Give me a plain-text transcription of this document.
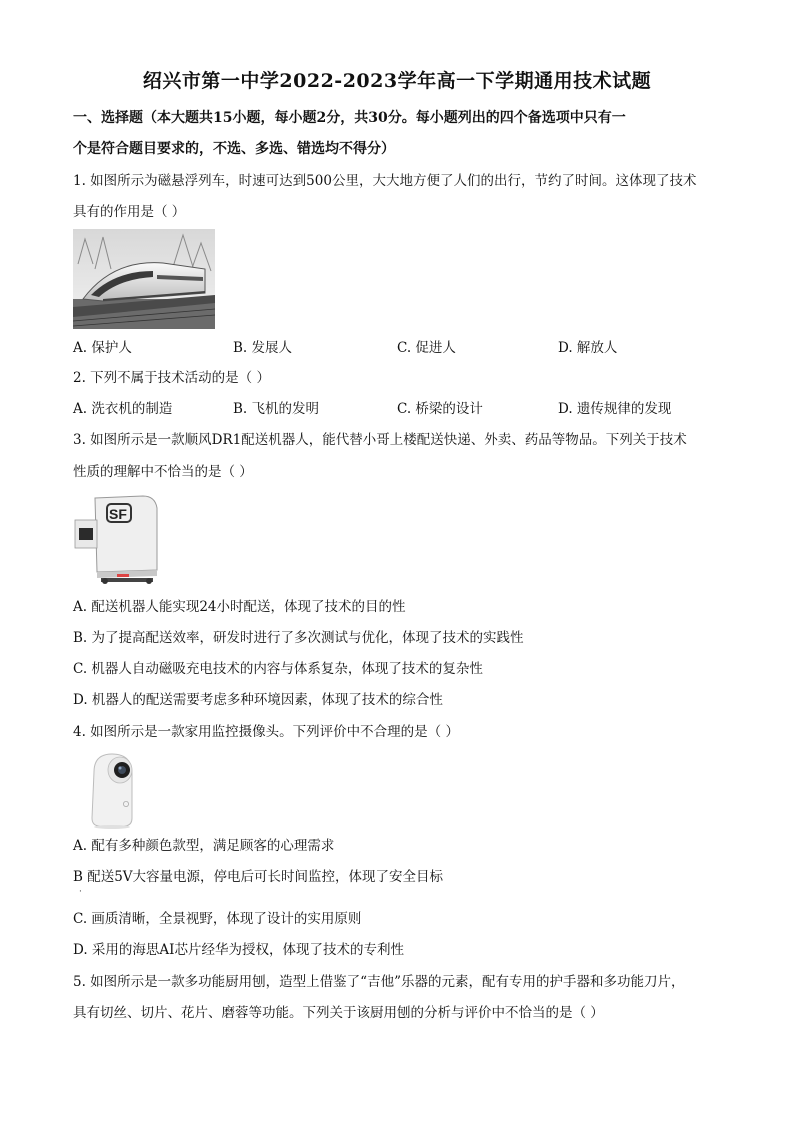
绍兴市第一中学2022-2023学年高一下学期通用技术试题
一、选择题（本大题共15小题，每小题2分，共30分。每小题列出的四个备选项中只有一
个是符合题目要求的，不选、多选、错选均不得分）
1. 如图所示为磁悬浮列车，时速可达到500公里，大大地方便了人们的出行，节约了时间。这体现了技术
具有的作用是（ ）
A. 保护人	B. 发展人	C. 促进人	D. 解放人
2. 下列不属于技术活动的是（ ）
A. 洗衣机的制造	B. 飞机的发明	C. 桥梁的设计	D. 遗传规律的发现
3. 如图所示是一款顺风DR1配送机器人，能代替小哥上楼配送快递、外卖、药品等物品。下列关于技术
性质的理解中不恰当的是（ ）
SF
A. 配送机器人能实现24小时配送，体现了技术的目的性
B. 为了提高配送效率，研发时进行了多次测试与优化，体现了技术的实践性
C. 机器人自动磁吸充电技术的内容与体系复杂，体现了技术的复杂性
D. 机器人的配送需要考虑多种环境因素，体现了技术的综合性
4. 如图所示是一款家用监控摄像头。下列评价中不合理的是（ ）
A. 配有多种颜色款型，满足顾客的心理需求
B 配送5V大容量电源，停电后可长时间监控，体现了安全目标
·
C. 画质清晰，全景视野，体现了设计的实用原则
D. 采用的海思AI芯片经华为授权，体现了技术的专利性
5. 如图所示是一款多功能厨用刨，造型上借鉴了“吉他”乐器的元素，配有专用的护手器和多功能刀片，
具有切丝、切片、花片、磨蓉等功能。下列关于该厨用刨的分析与评价中不恰当的是（ ）
